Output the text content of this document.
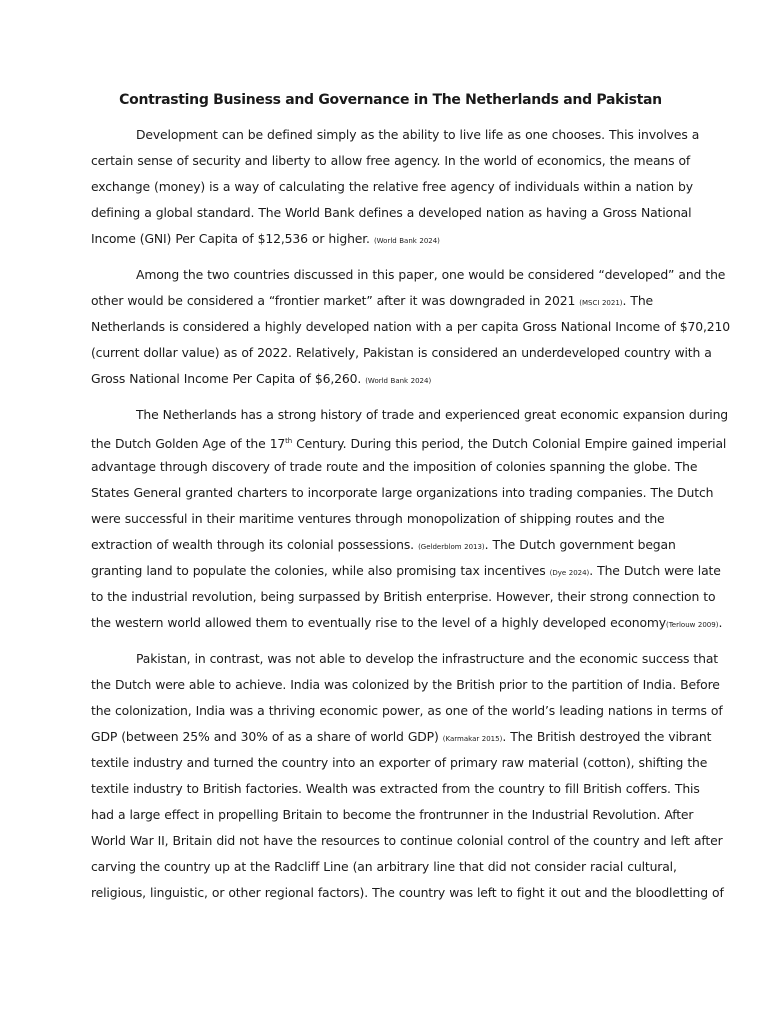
Contrasting Business and Governance in The Netherlands and Pakistan
Development can be defined simply as the ability to live life as one chooses. This involves a
certain sense of security and liberty to allow free agency. In the world of economics, the means of
exchange (money) is a way of calculating the relative free agency of individuals within a nation by
defining a global standard. The World Bank defines a developed nation as having a Gross National
Income (GNI) Per Capita of $12,536 or higher. (World Bank 2024)
Among the two countries discussed in this paper, one would be considered “developed” and the
other would be considered a “frontier market” after it was downgraded in 2021 (MSCI 2021). The
Netherlands is considered a highly developed nation with a per capita Gross National Income of $70,210
(current dollar value) as of 2022. Relatively, Pakistan is considered an underdeveloped country with a
Gross National Income Per Capita of $6,260. (World Bank 2024)
The Netherlands has a strong history of trade and experienced great economic expansion during
the Dutch Golden Age of the 17th Century. During this period, the Dutch Colonial Empire gained imperial
advantage through discovery of trade route and the imposition of colonies spanning the globe. The
States General granted charters to incorporate large organizations into trading companies. The Dutch
were successful in their maritime ventures through monopolization of shipping routes and the
extraction of wealth through its colonial possessions. (Gelderblom 2013). The Dutch government began
granting land to populate the colonies, while also promising tax incentives (Dye 2024). The Dutch were late
to the industrial revolution, being surpassed by British enterprise. However, their strong connection to
the western world allowed them to eventually rise to the level of a highly developed economy(Terlouw 2009).
Pakistan, in contrast, was not able to develop the infrastructure and the economic success that
the Dutch were able to achieve. India was colonized by the British prior to the partition of India. Before
the colonization, India was a thriving economic power, as one of the world’s leading nations in terms of
GDP (between 25% and 30% of as a share of world GDP) (Karmakar 2015). The British destroyed the vibrant
textile industry and turned the country into an exporter of primary raw material (cotton), shifting the
textile industry to British factories. Wealth was extracted from the country to fill British coffers. This
had a large effect in propelling Britain to become the frontrunner in the Industrial Revolution. After
World War II, Britain did not have the resources to continue colonial control of the country and left after
carving the country up at the Radcliff Line (an arbitrary line that did not consider racial cultural,
religious, linguistic, or other regional factors). The country was left to fight it out and the bloodletting of
